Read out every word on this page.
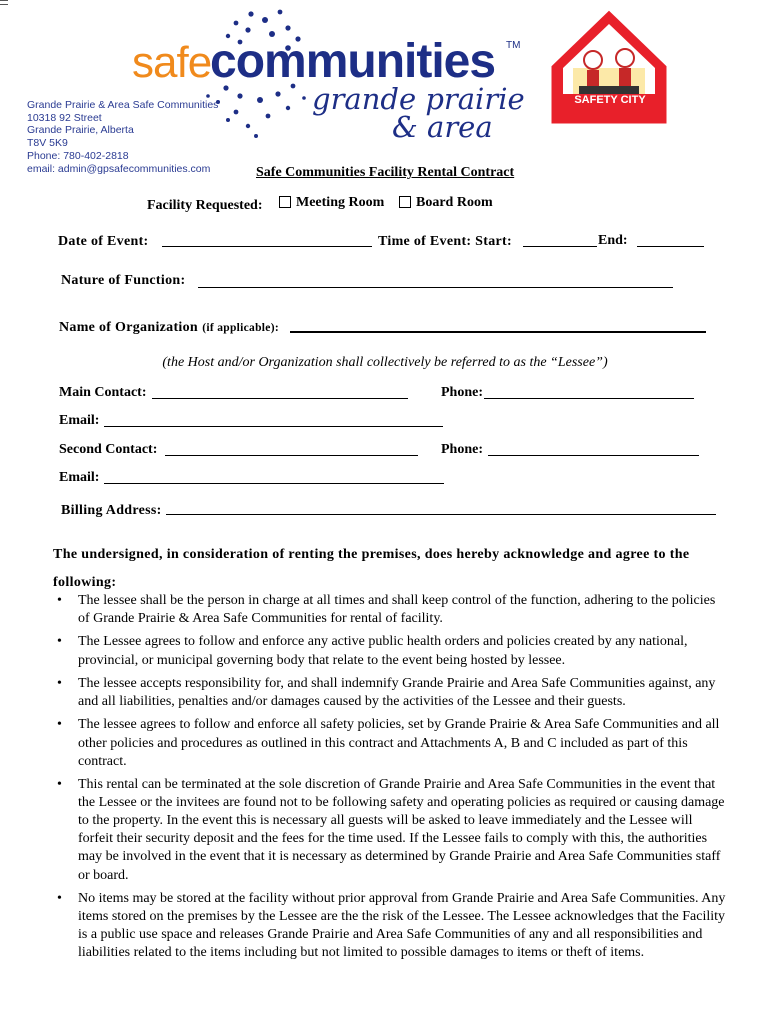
safe
communities TM
grande prairie
& area
Grande Prairie & Area Safe Communities
10318 92 Street
Grande Prairie, Alberta
T8V 5K9
Phone: 780-402-2818
email: admin@gpsafecommunities.com
SAFETY CITY
Safe Communities Facility Rental Contract
Facility Requested: Meeting Room Board Room
Date of Event:	Time of Event: Start:	End:
Nature of Function:
Name of Organization (if applicable):
(the Host and/or Organization shall collectively be referred to as the “Lessee”)
Main Contact:	Phone:
Email:
Second Contact:	Phone:
Email:
Billing Address:
The undersigned, in consideration of renting the premises, does hereby acknowledge and agree to the following:
• The lessee shall be the person in charge at all times and shall keep control of the function, adhering to the policies of Grande Prairie & Area Safe Communities for rental of facility.
• The Lessee agrees to follow and enforce any active public health orders and policies created by any national, provincial, or municipal governing body that relate to the event being hosted by lessee.
• The lessee accepts responsibility for, and shall indemnify Grande Prairie and Area Safe Communities against, any and all liabilities, penalties and/or damages caused by the activities of the Lessee and their guests.
• The lessee agrees to follow and enforce all safety policies, set by Grande Prairie & Area Safe Communities and all other policies and procedures as outlined in this contract and Attachments A, B and C included as part of this contract.
• This rental can be terminated at the sole discretion of Grande Prairie and Area Safe Communities in the event that the Lessee or the invitees are found not to be following safety and operating policies as required or causing damage to the property. In the event this is necessary all guests will be asked to leave immediately and the Lessee will forfeit their security deposit and the fees for the time used. If the Lessee fails to comply with this, the authorities may be involved in the event that it is necessary as determined by Grande Prairie and Area Safe Communities staff or board.
• No items may be stored at the facility without prior approval from Grande Prairie and Area Safe Communities. Any items stored on the premises by the Lessee are the the risk of the Lessee. The Lessee acknowledges that the Facility is a public use space and releases Grande Prairie and Area Safe Communities of any and all responsibilities and liabilities related to the items including but not limited to possible damages to items or theft of items.
